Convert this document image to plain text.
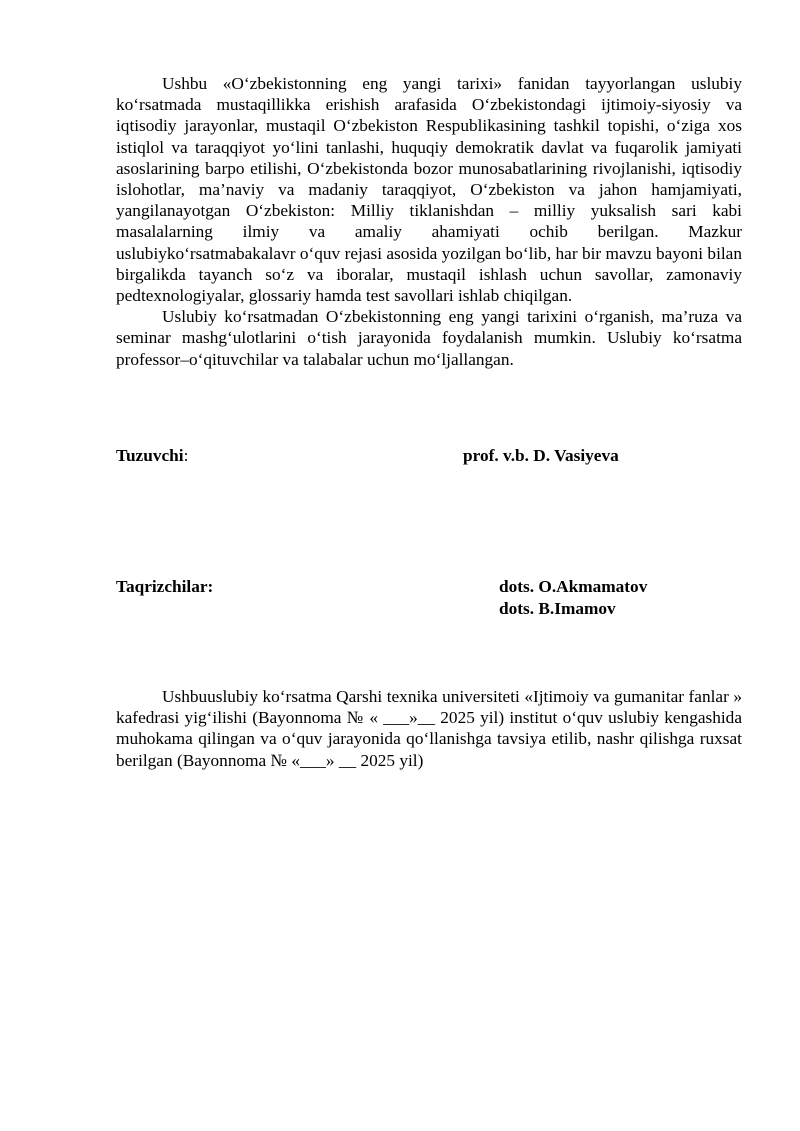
Ushbu «O‘zbekistonning eng yangi tarixi» fanidan tayyorlangan uslubiy ko‘rsatmada mustaqillikka erishish arafasida O‘zbekistondagi ijtimoiy-siyosiy va iqtisodiy jarayonlar, mustaqil O‘zbekiston Respublikasining tashkil topishi, o‘ziga xos istiqlol va taraqqiyot yo‘lini tanlashi, huquqiy demokratik davlat va fuqarolik jamiyati asoslarining barpo etilishi, O‘zbekistonda bozor munosabatlarining rivojlanishi, iqtisodiy islohotlar, ma’naviy va madaniy taraqqiyot, O‘zbekiston va jahon hamjamiyati, yangilanayotgan O‘zbekiston: Milliy tiklanishdan – milliy yuksalish sari kabi masalalarning ilmiy va amaliy ahamiyati ochib berilgan. Mazkur uslubiyko‘rsatmabakalavr o‘quv rejasi asosida yozilgan bo‘lib, har bir mavzu bayoni bilan birgalikda tayanch so‘z va iboralar, mustaqil ishlash uchun savollar, zamonaviy pedtexnologiyalar, glossariy hamda test savollari ishlab chiqilgan.

Uslubiy ko‘rsatmadan O‘zbekistonning eng yangi tarixini o‘rganish, ma’ruza va seminar mashg‘ulotlarini o‘tish jarayonida foydalanish mumkin. Uslubiy ko‘rsatma professor–o‘qituvchilar va talabalar uchun mo‘ljallangan.

Tuzuvchi:	prof. v.b. D. Vasiyeva
Taqrizchilar:	dots. O.Akmamatov
dots. B.Imamov

Ushbuuslubiy ko‘rsatma Qarshi texnika universiteti «Ijtimoiy va gumanitar fanlar » kafedrasi yig‘ilishi (Bayonnoma № « ___»__ 2025 yil) institut o‘quv uslubiy kengashida muhokama qilingan va o‘quv jarayonida qo‘llanishga tavsiya etilib, nashr qilishga ruxsat berilgan (Bayonnoma № «___» __ 2025 yil)
